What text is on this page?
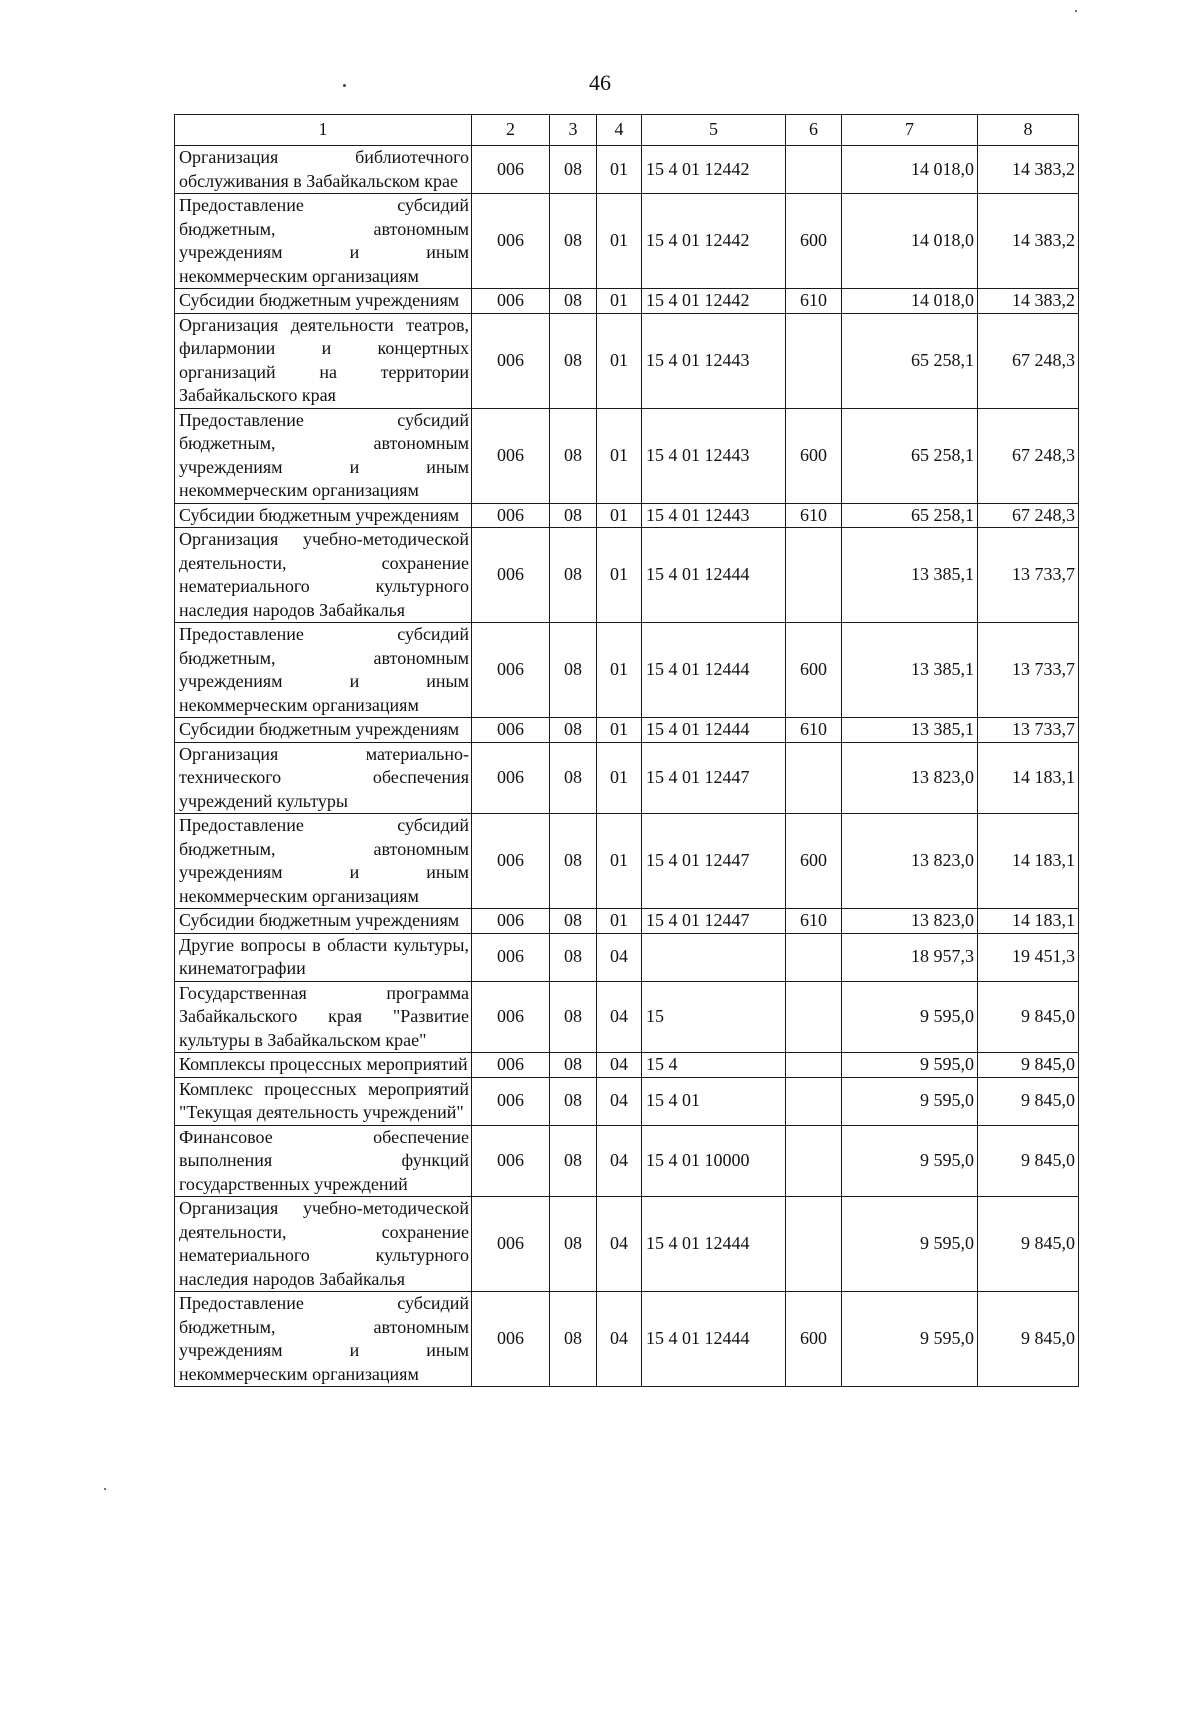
46
1	2	3	4	5	6	7	8
Организация библиотечного обслуживания в Забайкальском крае	006	08	01	15 4 01 12442		14 018,0	14 383,2
Предоставление субсидий бюджетным, автономным учреждениям и иным некоммерческим организациям	006	08	01	15 4 01 12442	600	14 018,0	14 383,2
Субсидии бюджетным учреждениям	006	08	01	15 4 01 12442	610	14 018,0	14 383,2
Организация деятельности театров, филармонии и концертных организаций на территории Забайкальского края	006	08	01	15 4 01 12443		65 258,1	67 248,3
Предоставление субсидий бюджетным, автономным учреждениям и иным некоммерческим организациям	006	08	01	15 4 01 12443	600	65 258,1	67 248,3
Субсидии бюджетным учреждениям	006	08	01	15 4 01 12443	610	65 258,1	67 248,3
Организация учебно-методической деятельности, сохранение нематериального культурного наследия народов Забайкалья	006	08	01	15 4 01 12444		13 385,1	13 733,7
Предоставление субсидий бюджетным, автономным учреждениям и иным некоммерческим организациям	006	08	01	15 4 01 12444	600	13 385,1	13 733,7
Субсидии бюджетным учреждениям	006	08	01	15 4 01 12444	610	13 385,1	13 733,7
Организация материально-технического обеспечения учреждений культуры	006	08	01	15 4 01 12447		13 823,0	14 183,1
Предоставление субсидий бюджетным, автономным учреждениям и иным некоммерческим организациям	006	08	01	15 4 01 12447	600	13 823,0	14 183,1
Субсидии бюджетным учреждениям	006	08	01	15 4 01 12447	610	13 823,0	14 183,1
Другие вопросы в области культуры, кинематографии	006	08	04			18 957,3	19 451,3
Государственная программа Забайкальского края "Развитие культуры в Забайкальском крае"	006	08	04	15		9 595,0	9 845,0
Комплексы процессных мероприятий	006	08	04	15 4		9 595,0	9 845,0
Комплекс процессных мероприятий "Текущая деятельность учреждений"	006	08	04	15 4 01		9 595,0	9 845,0
Финансовое обеспечение выполнения функций государственных учреждений	006	08	04	15 4 01 10000		9 595,0	9 845,0
Организация учебно-методической деятельности, сохранение нематериального культурного наследия народов Забайкалья	006	08	04	15 4 01 12444		9 595,0	9 845,0
Предоставление субсидий бюджетным, автономным учреждениям и иным некоммерческим организациям	006	08	04	15 4 01 12444	600	9 595,0	9 845,0
